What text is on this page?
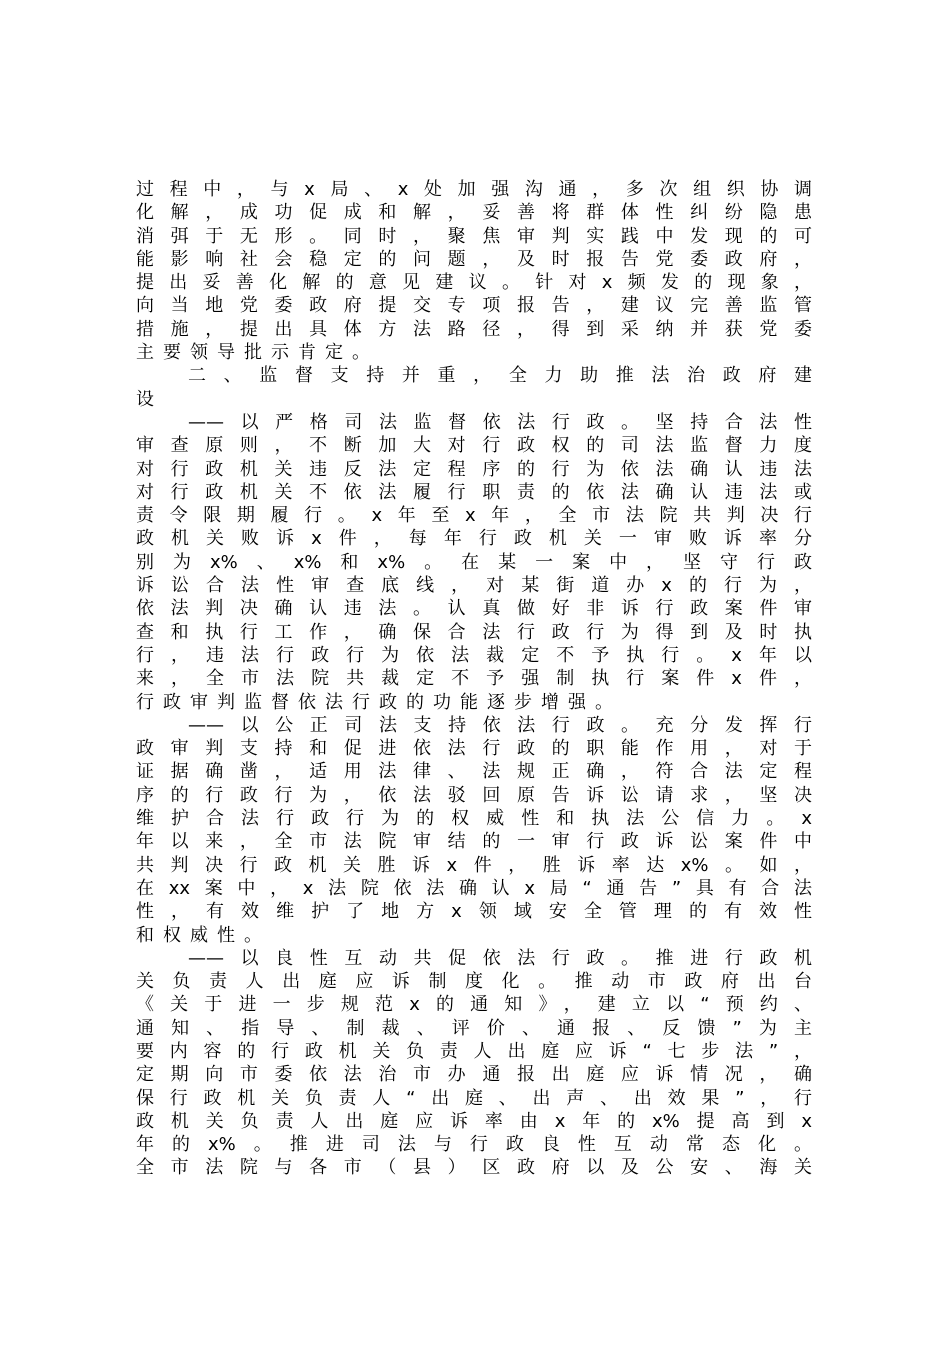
过程中，与x局、x处加强沟通，多次组织协调
化解，成功促成和解，妥善将群体性纠纷隐患
消弭于无形。同时，聚焦审判实践中发现的可
能影响社会稳定的问题，及时报告党委政府，
提出妥善化解的意见建议。针对x频发的现象，
向当地党委政府提交专项报告，建议完善监管
措施，提出具体方法路径，得到采纳并获党委
主要领导批示肯定。
二、监督支持并重，全力助推法治政府建
设
——以严格司法监督依法行政。坚持合法性
审查原则，不断加大对行政权的司法监督力度
对行政机关违反法定程序的行为依法确认违法
对行政机关不依法履行职责的依法确认违法或
责令限期履行。x年至x年，全市法院共判决行
政机关败诉x件，每年行政机关一审败诉率分
别为x%、x%和x%。在某一案中，坚守行政
诉讼合法性审查底线，对某街道办x的行为，
依法判决确认违法。认真做好非诉行政案件审
查和执行工作，确保合法行政行为得到及时执
行，违法行政行为依法裁定不予执行。x年以
来，全市法院共裁定不予强制执行案件x件，
行政审判监督依法行政的功能逐步增强。
——以公正司法支持依法行政。充分发挥行
政审判支持和促进依法行政的职能作用，对于
证据确凿，适用法律、法规正确，符合法定程
序的行政行为，依法驳回原告诉讼请求，坚决
维护合法行政行为的权威性和执法公信力。x
年以来，全市法院审结的一审行政诉讼案件中
共判决行政机关胜诉x件，胜诉率达x%。如，
在xx案中，x法院依法确认x局“通告”具有合法
性，有效维护了地方x领域安全管理的有效性
和权威性。
——以良性互动共促依法行政。推进行政机
关负责人出庭应诉制度化。推动市政府出台
《关于进一步规范x的通知》，建立以“预约、
通知、指导、制裁、评价、通报、反馈”为主
要内容的行政机关负责人出庭应诉“七步法”，
定期向市委依法治市办通报出庭应诉情况，确
保行政机关负责人“出庭、出声、出效果”，行
政机关负责人出庭应诉率由x年的x%提高到x
年的x%。推进司法与行政良性互动常态化。
全市法院与各市（县）区政府以及公安、海关
